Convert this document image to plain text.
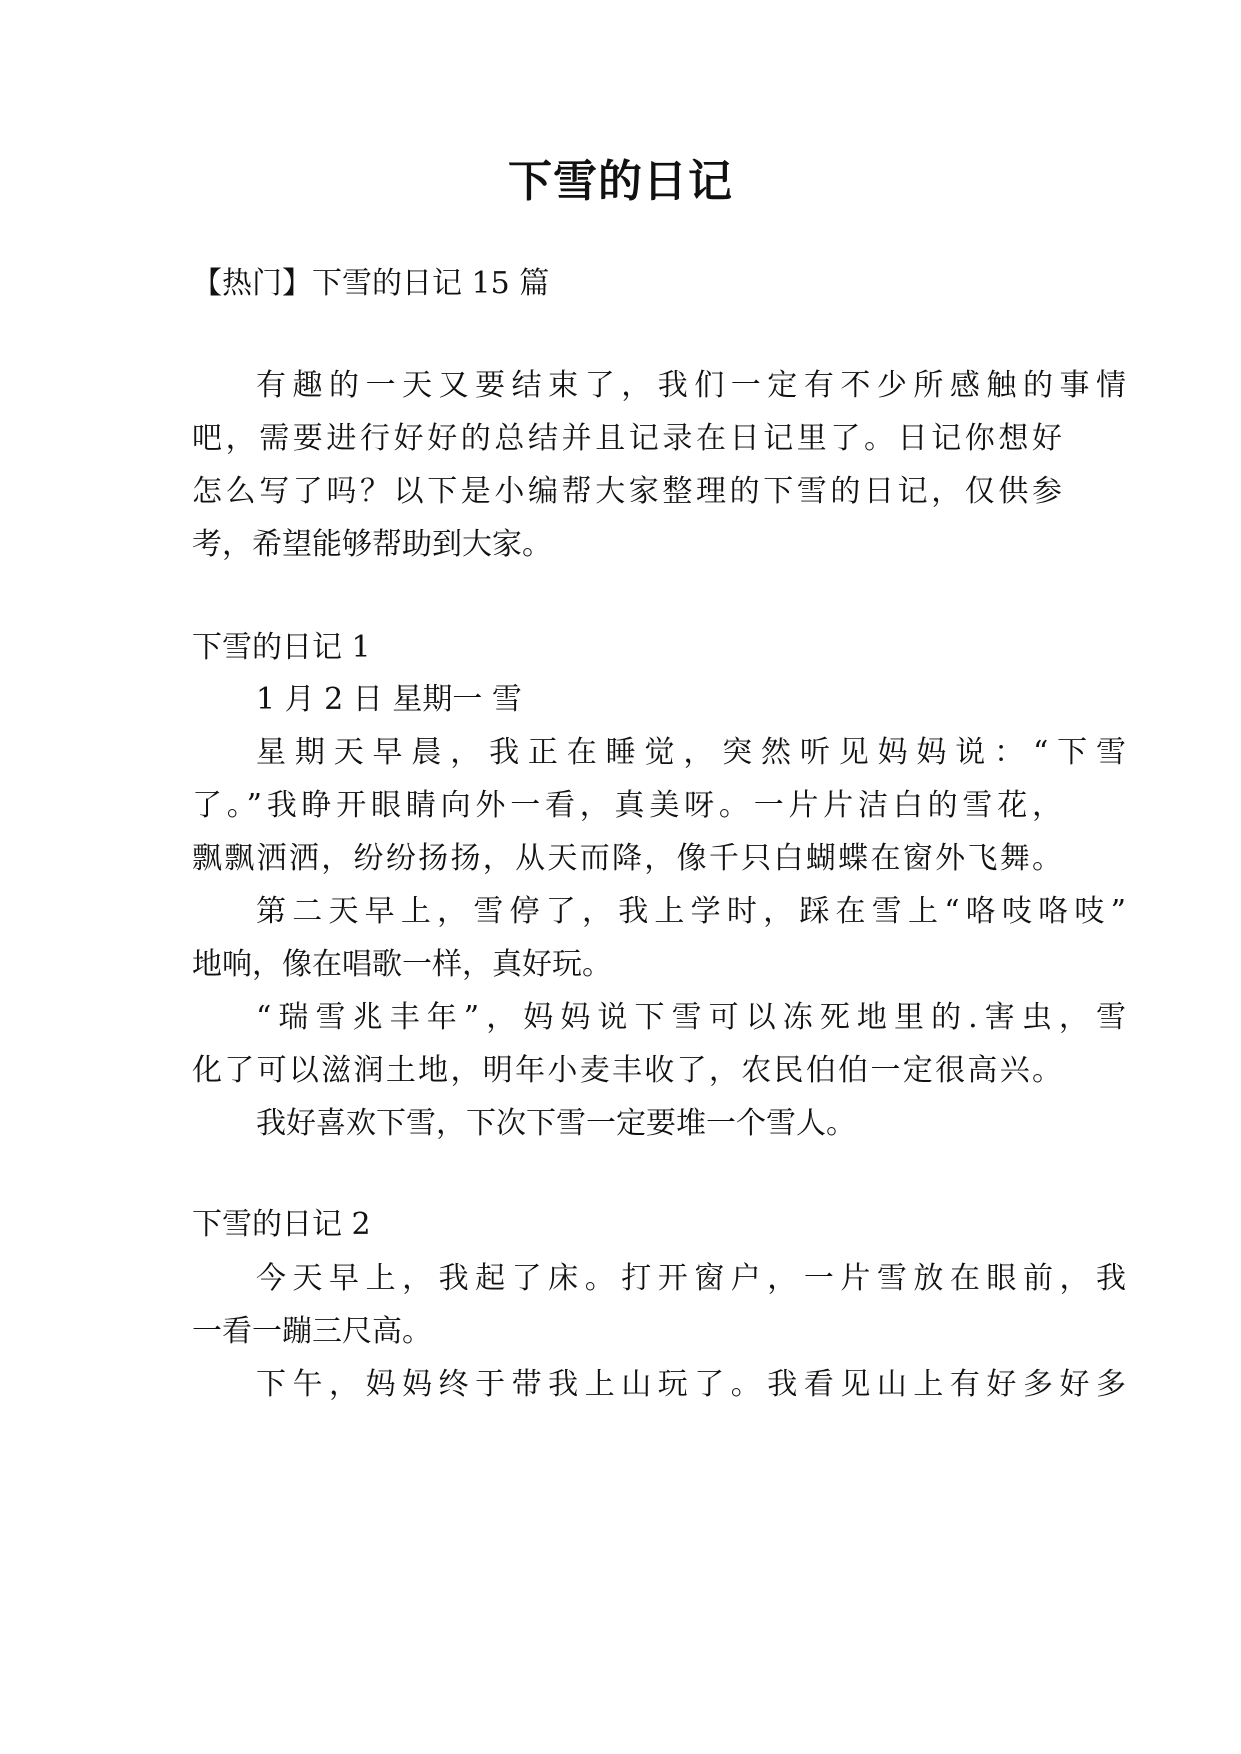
下雪的日记

【热门】下雪的日记 15 篇

有趣的一天又要结束了，我们一定有不少所感触的事情

吧，需要进行好好的总结并且记录在日记里了。日记你想好

怎么写了吗？以下是小编帮大家整理的下雪的日记，仅供参

考，希望能够帮助到大家。

下雪的日记 1

1 月 2 日 星期一 雪

星期天早晨，我正在睡觉，突然听见妈妈说：“下雪

了。”我睁开眼睛向外一看，真美呀。一片片洁白的雪花，

飘飘洒洒，纷纷扬扬，从天而降，像千只白蝴蝶在窗外飞舞。

第二天早上，雪停了，我上学时，踩在雪上“咯吱咯吱”

地响，像在唱歌一样，真好玩。

“瑞雪兆丰年”，妈妈说下雪可以冻死地里的.害虫，雪

化了可以滋润土地，明年小麦丰收了，农民伯伯一定很高兴。

我好喜欢下雪，下次下雪一定要堆一个雪人。

下雪的日记 2

今天早上，我起了床。打开窗户，一片雪放在眼前，我

一看一蹦三尺高。

下午，妈妈终于带我上山玩了。我看见山上有好多好多
